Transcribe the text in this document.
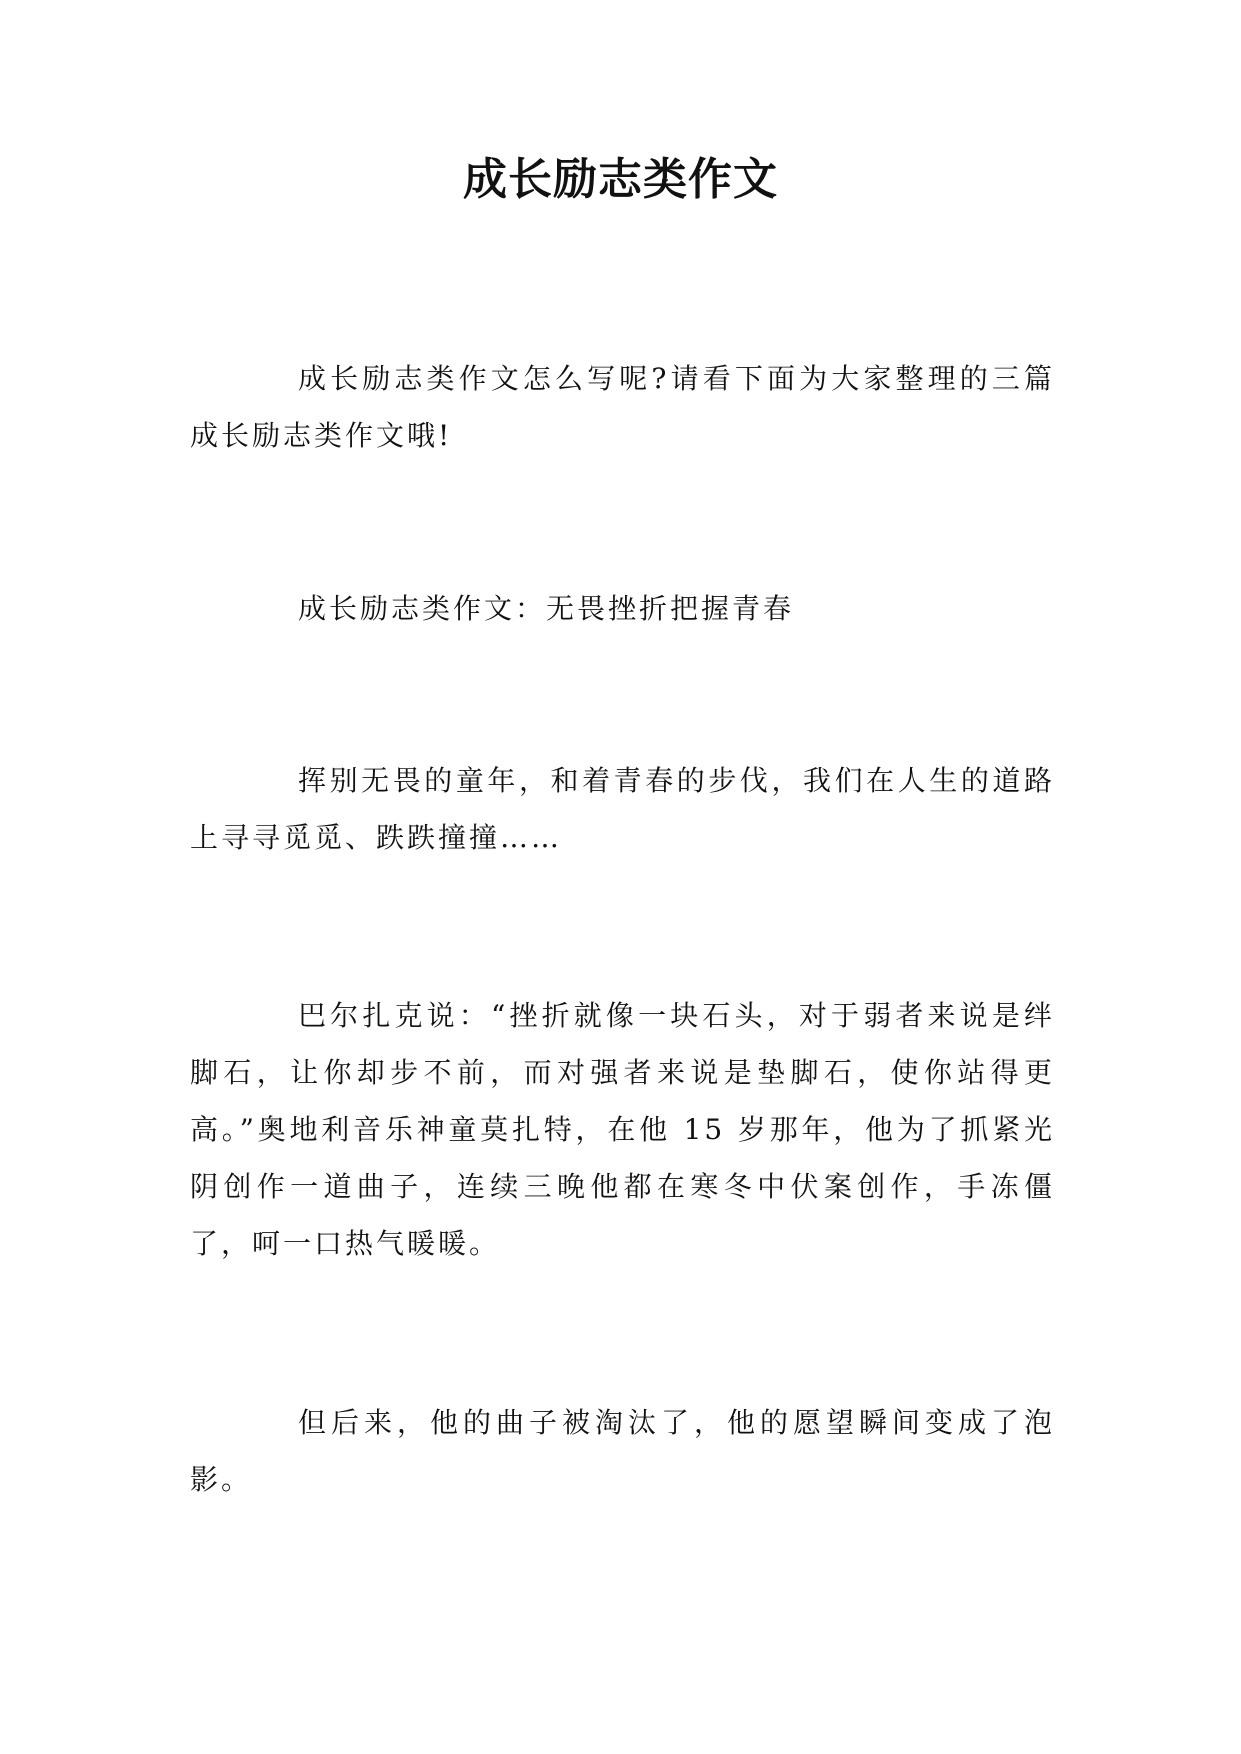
成长励志类作文

成长励志类作文怎么写呢?请看下面为大家整理的三篇成长励志类作文哦!

成长励志类作文：无畏挫折把握青春

挥别无畏的童年，和着青春的步伐，我们在人生的道路上寻寻觅觅、跌跌撞撞……

巴尔扎克说：“挫折就像一块石头，对于弱者来说是绊脚石，让你却步不前，而对强者来说是垫脚石，使你站得更高。”奥地利音乐神童莫扎特，在他 15 岁那年，他为了抓紧光阴创作一道曲子，连续三晚他都在寒冬中伏案创作，手冻僵了，呵一口热气暖暖。

但后来，他的曲子被淘汰了，他的愿望瞬间变成了泡影。
